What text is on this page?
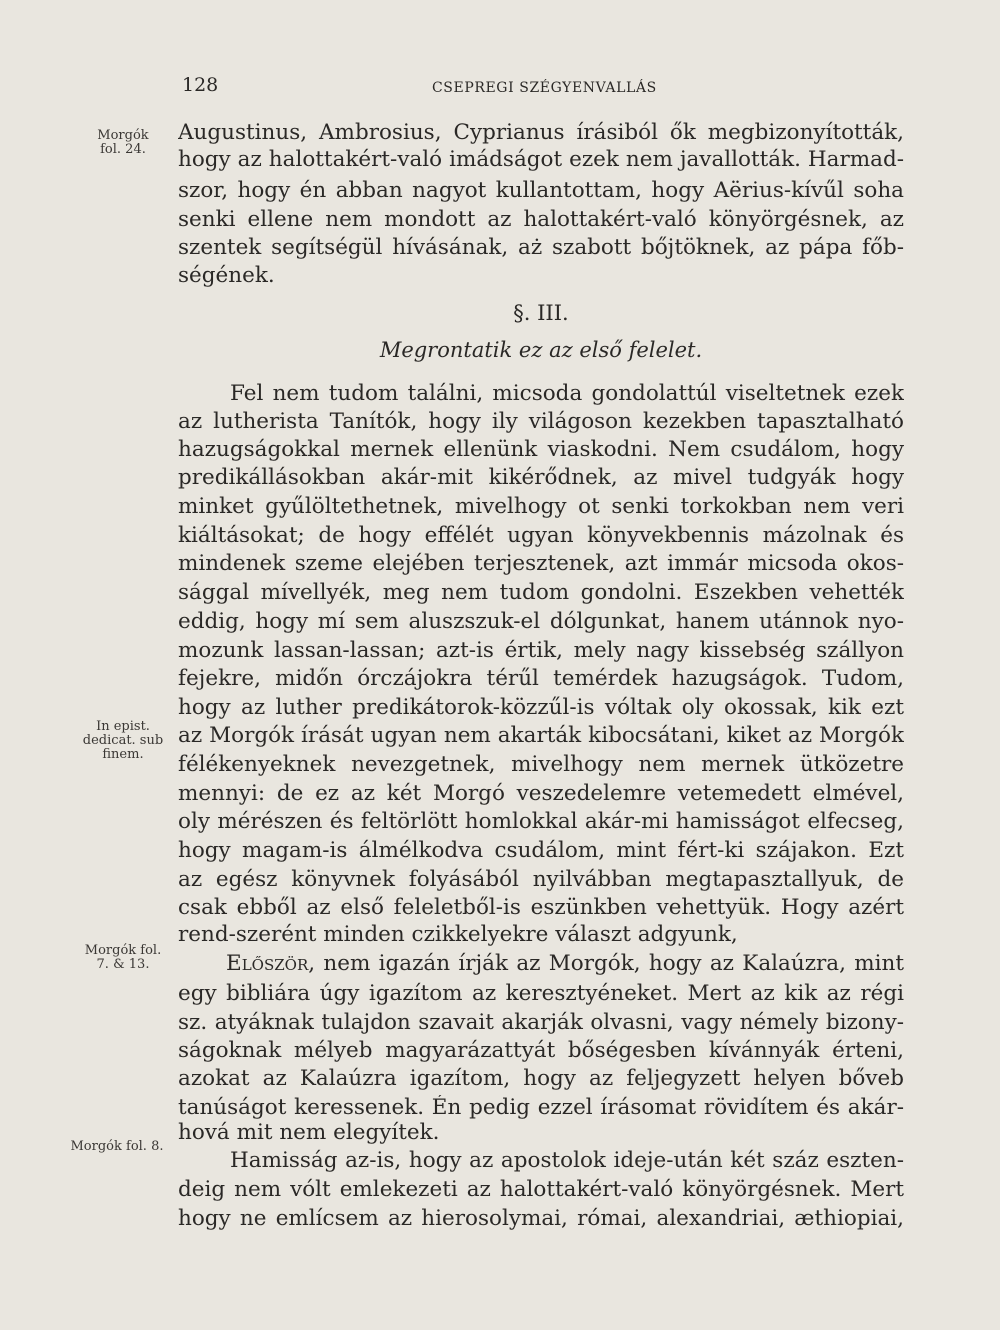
128	CSEPREGI SZÉGYENVALLÁS
Morgók
fol. 24.
In epist.
dedicat. sub
finem.
Morgók fol.
7. & 13.
Morgók fol. 8.
Augustinus, Ambrosius, Cyprianus írásiból ők megbizonyították,
hogy az halottakért-való imádságot ezek nem javallották. Harmad-
szor, hogy én abban nagyot kullantottam, hogy Aërius-kívűl soha
senki ellene nem mondott az halottakért-való könyörgésnek, az
szentek segítségül hívásának, aż szabott bőjtöknek, az pápa főb-
ségének.
§. III.
Megrontatik ez az első felelet.
Fel nem tudom találni, micsoda gondolattúl viseltetnek ezek
az lutherista Tanítók, hogy ily világoson kezekben tapasztalható
hazugságokkal mernek ellenünk viaskodni. Nem csudálom, hogy
predikállásokban akár-mit kikérődnek, az mivel tudgyák hogy
minket gyűlöltethetnek, mivelhogy ot senki torkokban nem veri
kiáltásokat; de hogy effélét ugyan könyvekbennis mázolnak és
mindenek szeme elejében terjesztenek, azt immár micsoda okos-
sággal mívellyék, meg nem tudom gondolni. Eszekben vehették
eddig, hogy mí sem aluszszuk-el dólgunkat, hanem utánnok nyo-
mozunk lassan-lassan; azt-is értik, mely nagy kissebség szállyon
fejekre, midőn órczájokra térűl temérdek hazugságok. Tudom,
hogy az luther predikátorok-közzűl-is vóltak oly okossak, kik ezt
az Morgók írását ugyan nem akarták kibocsátani, kiket az Morgók
félékenyeknek nevezgetnek, mivelhogy nem mernek ütközetre
mennyi: de ez az két Morgó veszedelemre vetemedett elmével,
oly mérészen és feltörlött homlokkal akár-mi hamisságot elfecseg,
hogy magam-is álmélkodva csudálom, mint fért-ki szájakon. Ezt
az egész könyvnek folyásából nyilvábban megtapasztallyuk, de
csak ebből az első feleletből-is eszünkben vehettyük. Hogy azért
rend-szerént minden czikkelyekre választ adgyunk,
Először, nem igazán írják az Morgók, hogy az Kalaúzra, mint
egy bibliára úgy igazítom az keresztyéneket. Mert az kik az régi
sz. atyáknak tulajdon szavait akarják olvasni, vagy némely bizony-
ságoknak mélyeb magyarázattyát bőségesben kívánnyák érteni,
azokat az Kalaúzra igazítom, hogy az feljegyzett helyen bőveb
tanúságot keressenek. Én pedig ezzel írásomat rövidítem és akár-
hová mit nem elegyítek.
Hamisság az-is, hogy az apostolok ideje-után két száz eszten-
deig nem vólt emlekezeti az halottakért-való könyörgésnek. Mert
hogy ne emlícsem az hierosolymai, római, alexandriai, æthiopiai,
